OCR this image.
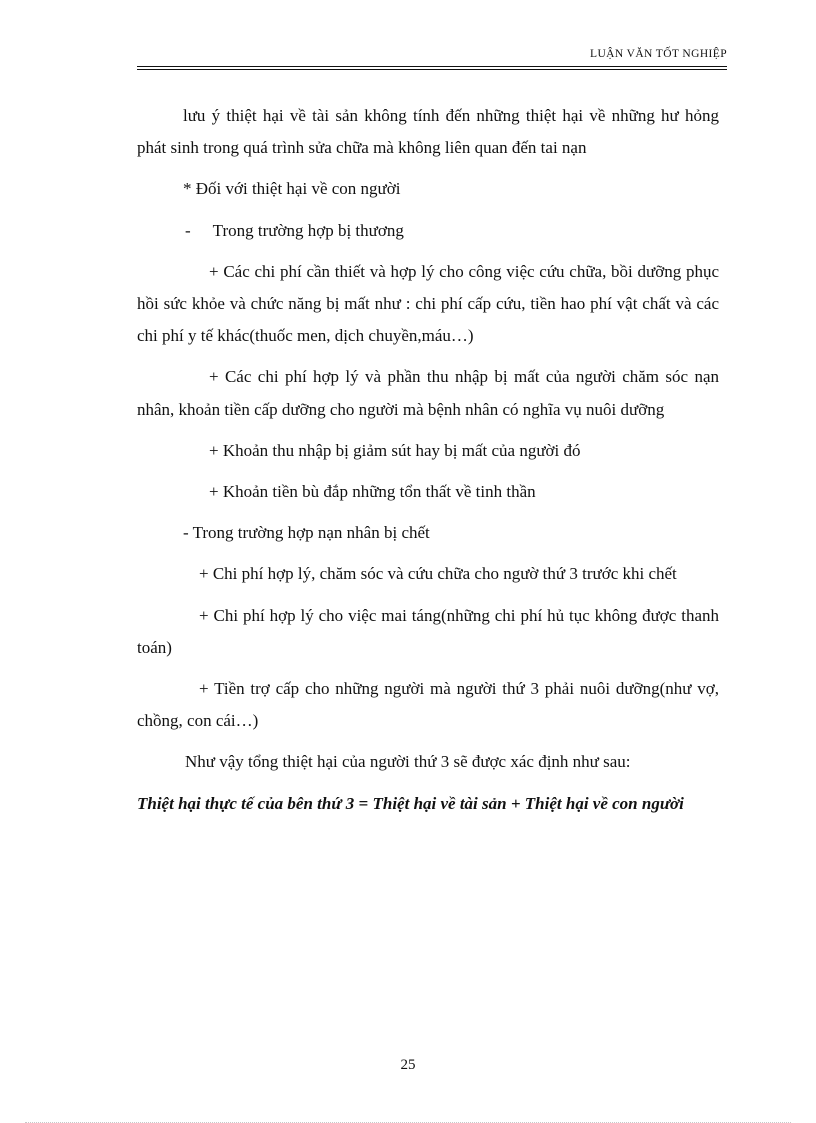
LUẬN VĂN TỐT NGHIỆP

lưu ý thiệt hại về tài sản không tính đến những thiệt hại về những hư hỏng phát sinh trong quá trình sửa chữa mà không liên quan đến tai nạn

* Đối với thiệt hại về con người

- Trong trường hợp bị thương

+ Các chi phí cần thiết và hợp lý cho công việc cứu chữa, bồi dưỡng phục hồi sức khỏe và chức năng bị mất như : chi phí cấp cứu, tiền hao phí vật chất và các chi phí y tế khác(thuốc men, dịch chuyền,máu…)

+ Các chi phí hợp lý và phần thu nhập bị mất của người chăm sóc nạn nhân, khoản tiền cấp dưỡng cho người mà bệnh nhân có nghĩa vụ nuôi dưỡng

+ Khoản thu nhập bị giảm sút hay bị mất của người đó

+ Khoản tiền bù đắp những tổn thất về tinh thần

- Trong trường hợp nạn nhân bị chết

+ Chi phí hợp lý, chăm sóc và cứu chữa cho ngườ thứ 3 trước khi chết

+ Chi phí hợp lý cho việc mai táng(những chi phí hủ tục không được thanh toán)

+ Tiền trợ cấp cho những người mà người thứ 3 phải nuôi dưỡng(như vợ, chồng, con cái…)

Như vậy tổng thiệt hại của người thứ 3 sẽ được xác định như sau:

Thiệt hại thực tế của bên thứ 3 = Thiệt hại về tài sản + Thiệt hại về con người

25
